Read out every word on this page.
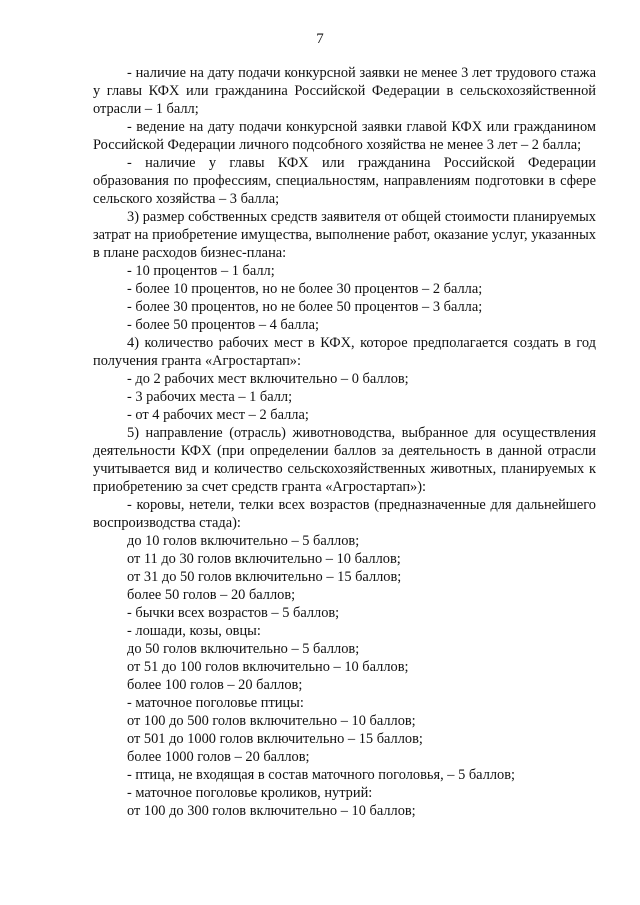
7

- наличие на дату подачи конкурсной заявки не менее 3 лет трудового стажа у главы КФХ или гражданина Российской Федерации в сельскохозяйственной отрасли – 1 балл;

- ведение на дату подачи конкурсной заявки главой КФХ или гражданином Российской Федерации личного подсобного хозяйства не менее 3 лет – 2 балла;

- наличие у главы КФХ или гражданина Российской Федерации образования по профессиям, специальностям, направлениям подготовки в сфере сельского хозяйства – 3 балла;

3) размер собственных средств заявителя от общей стоимости планируемых затрат на приобретение имущества, выполнение работ, оказание услуг, указанных в плане расходов бизнес-плана:

- 10 процентов – 1 балл;

- более 10 процентов, но не более 30 процентов – 2 балла;

- более 30 процентов, но не более 50 процентов – 3 балла;

- более 50 процентов – 4 балла;

4) количество рабочих мест в КФХ, которое предполагается создать в год получения гранта «Агростартап»:

- до 2 рабочих мест включительно – 0 баллов;

- 3 рабочих места – 1 балл;

- от 4 рабочих мест – 2 балла;

5) направление (отрасль) животноводства, выбранное для осуществления деятельности КФХ (при определении баллов за деятельность в данной отрасли учитывается вид и количество сельскохозяйственных животных, планируемых к приобретению за счет средств гранта «Агростартап»):

- коровы, нетели, телки всех возрастов (предназначенные для дальнейшего воспроизводства стада):

до 10 голов включительно – 5 баллов;

от 11 до 30 голов включительно – 10 баллов;

от 31 до 50 голов включительно – 15 баллов;

более 50 голов – 20 баллов;

- бычки всех возрастов – 5 баллов;

- лошади, козы, овцы:

до 50 голов включительно – 5 баллов;

от 51 до 100 голов включительно – 10 баллов;

более 100 голов – 20 баллов;

- маточное поголовье птицы:

от 100 до 500 голов включительно – 10 баллов;

от 501 до 1000 голов включительно – 15 баллов;

более 1000 голов – 20 баллов;

- птица, не входящая в состав маточного поголовья, – 5 баллов;

- маточное поголовье кроликов, нутрий:

от 100 до 300 голов включительно – 10 баллов;
